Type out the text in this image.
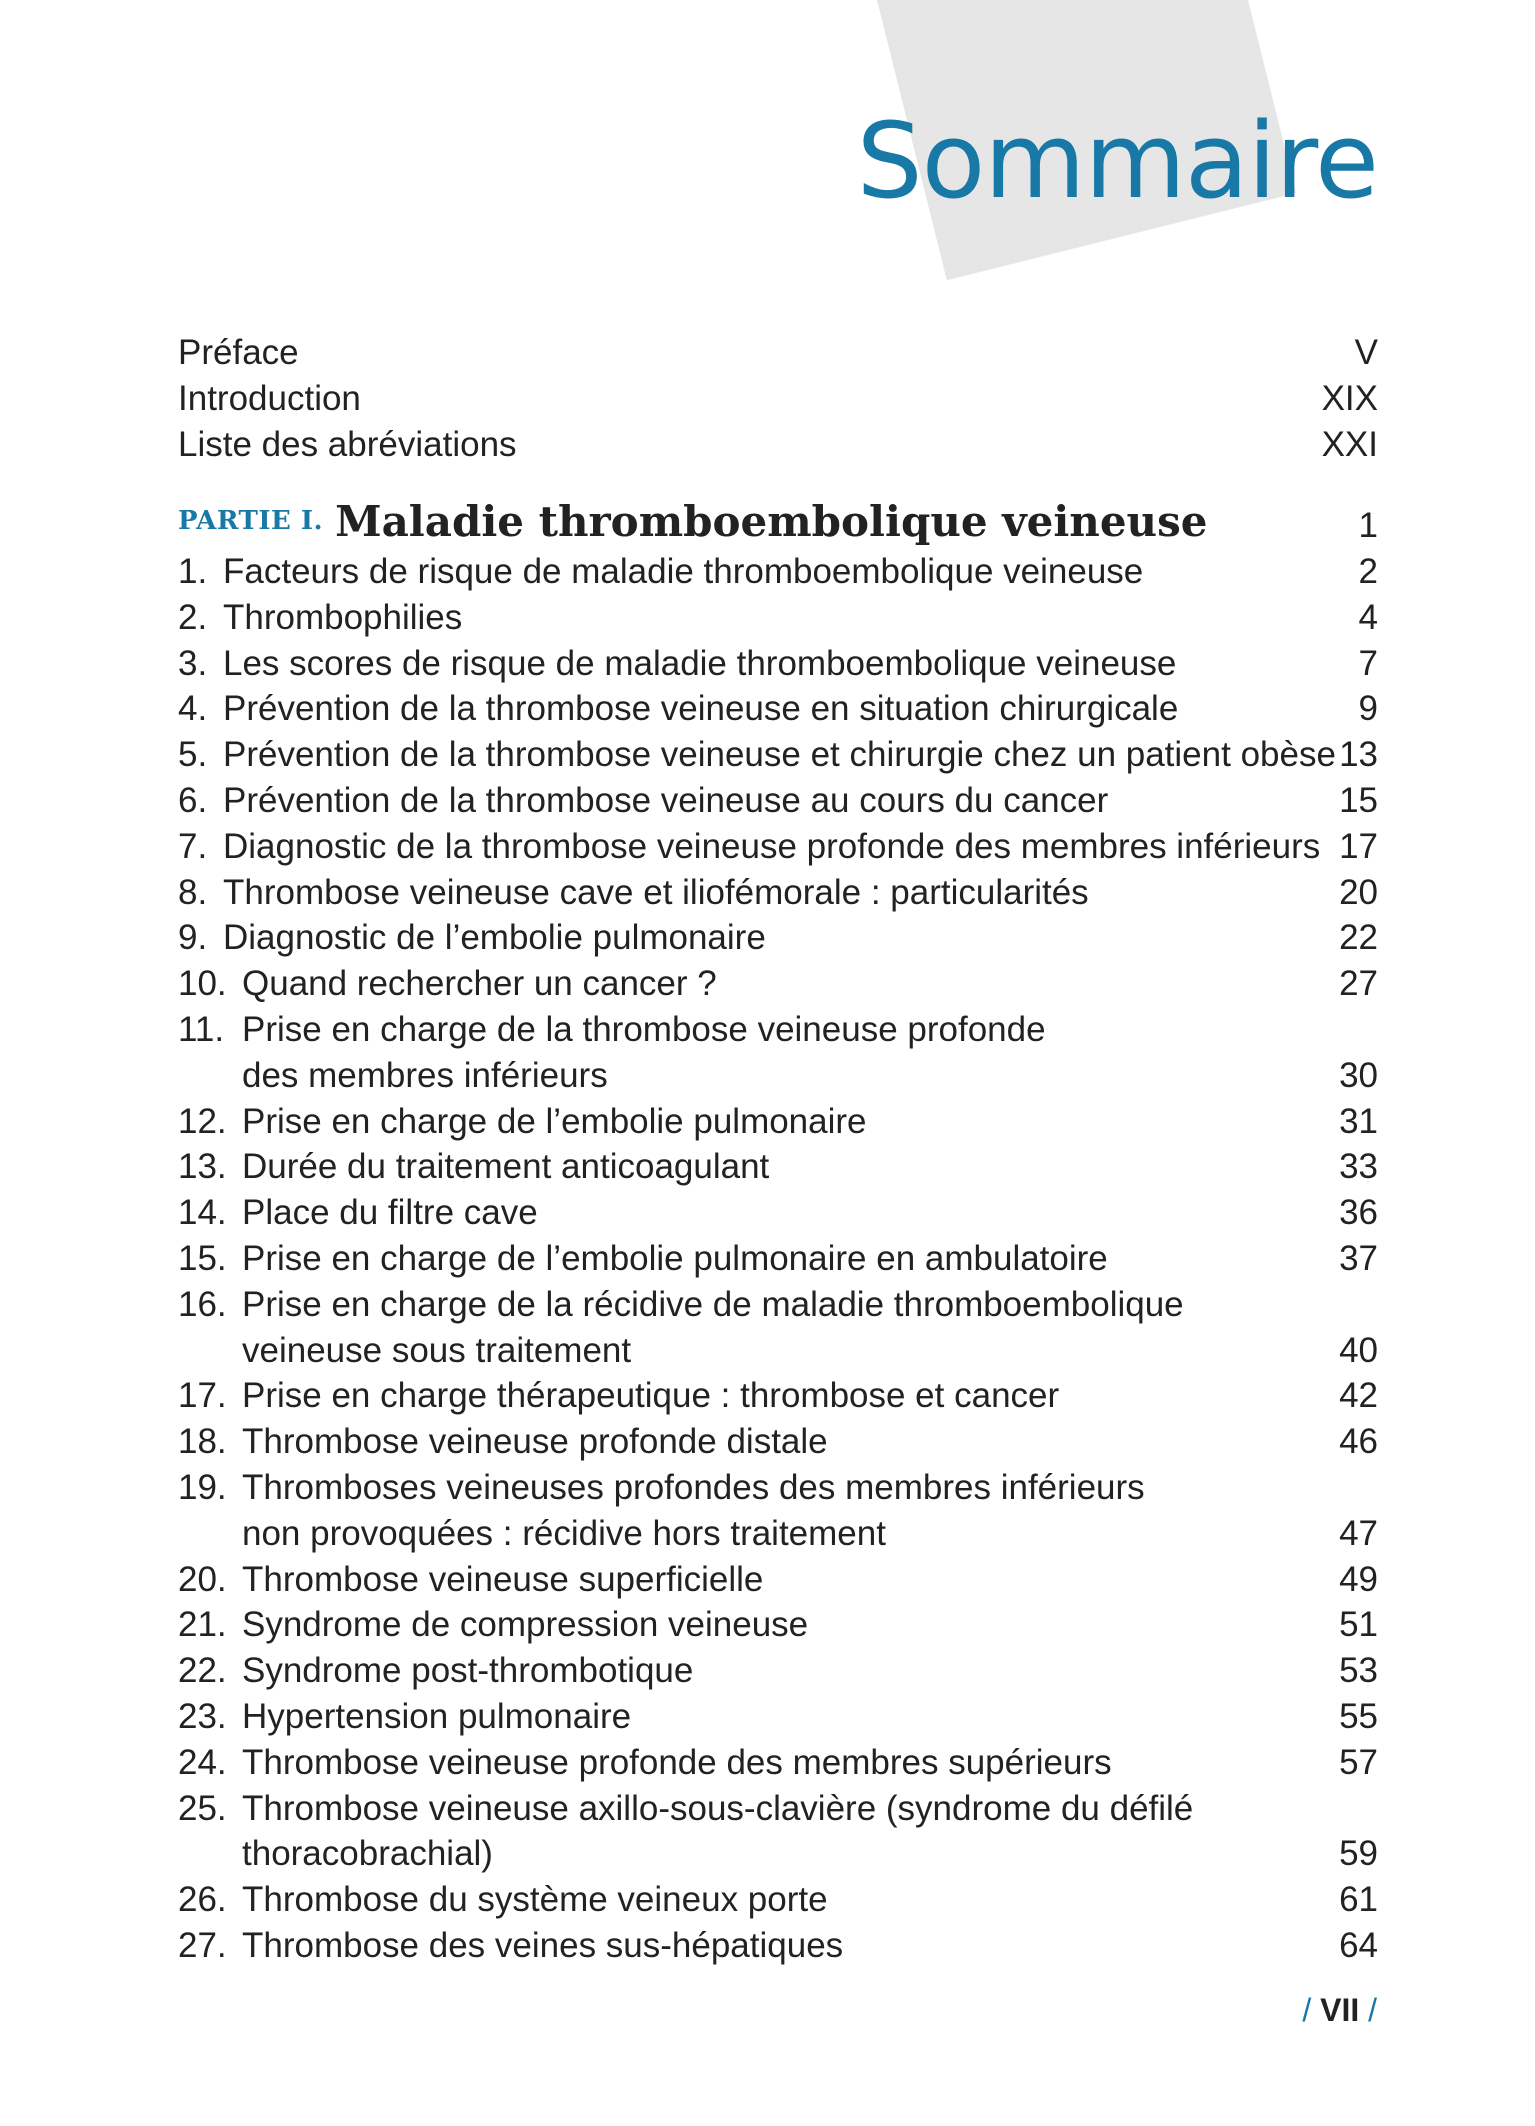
Sommaire
Préface	V
Introduction	XIX
Liste des abréviations	XXI
PARTIE I. Maladie thromboembolique veineuse	1
1. Facteurs de risque de maladie thromboembolique veineuse	2
2. Thrombophilies	4
3. Les scores de risque de maladie thromboembolique veineuse	7
4. Prévention de la thrombose veineuse en situation chirurgicale	9
5. Prévention de la thrombose veineuse et chirurgie chez un patient obèse 13
6. Prévention de la thrombose veineuse au cours du cancer	15
7. Diagnostic de la thrombose veineuse profonde des membres inférieurs 17
8. Thrombose veineuse cave et iliofémorale : particularités	20
9. Diagnostic de l’embolie pulmonaire	22
10. Quand rechercher un cancer ?	27
11. Prise en charge de la thrombose veineuse profonde
des membres inférieurs	30
12. Prise en charge de l’embolie pulmonaire	31
13. Durée du traitement anticoagulant	33
14. Place du filtre cave	36
15. Prise en charge de l’embolie pulmonaire en ambulatoire	37
16. Prise en charge de la récidive de maladie thromboembolique
veineuse sous traitement	40
17. Prise en charge thérapeutique : thrombose et cancer	42
18. Thrombose veineuse profonde distale	46
19. Thromboses veineuses profondes des membres inférieurs
non provoquées : récidive hors traitement	47
20. Thrombose veineuse superficielle	49
21. Syndrome de compression veineuse	51
22. Syndrome post-thrombotique	53
23. Hypertension pulmonaire	55
24. Thrombose veineuse profonde des membres supérieurs	57
25. Thrombose veineuse axillo-sous-clavière (syndrome du défilé
thoracobrachial)	59
26. Thrombose du système veineux porte	61
27. Thrombose des veines sus-hépatiques	64
/ VII /
